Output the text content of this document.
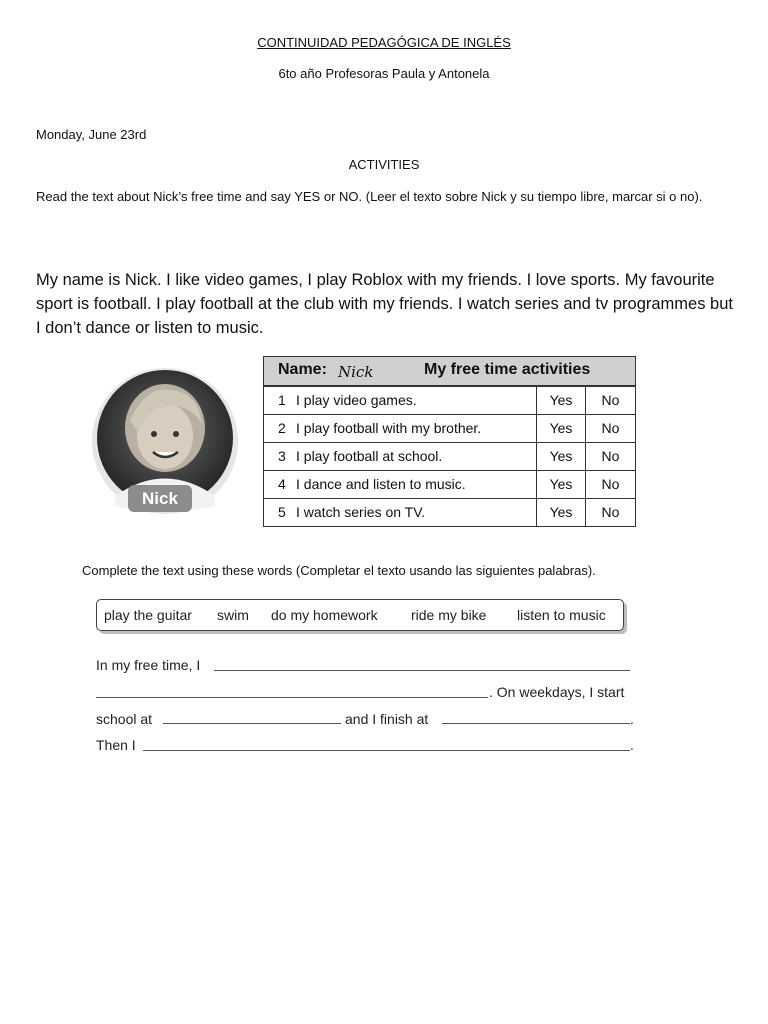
CONTINUIDAD PEDAGÓGICA DE INGLÉS
6to año Profesoras Paula y Antonela
Monday, June 23rd
ACTIVITIES
Read the text about Nick’s free time and say YES or NO. (Leer el texto sobre Nick y su tiempo libre, marcar si o no).
My name is Nick. I like video games, I play Roblox with my friends. I love sports. My favourite sport is football. I play football at the club with my friends. I watch series and tv programmes but I don’t dance or listen to music.
Nick
Name: Nick	My free time activities
1 I play video games.	Yes	No
2 I play football with my brother.	Yes	No
3 I play football at school.	Yes	No
4 I dance and listen to music.	Yes	No
5 I watch series on TV.	Yes	No
Complete the text using these words (Completar el texto usando las siguientes palabras).
play the guitar swim do my homework ride my bike listen to music
In my free time, I
. On weekdays, I start
school at	and I finish at	.
Then I	.
